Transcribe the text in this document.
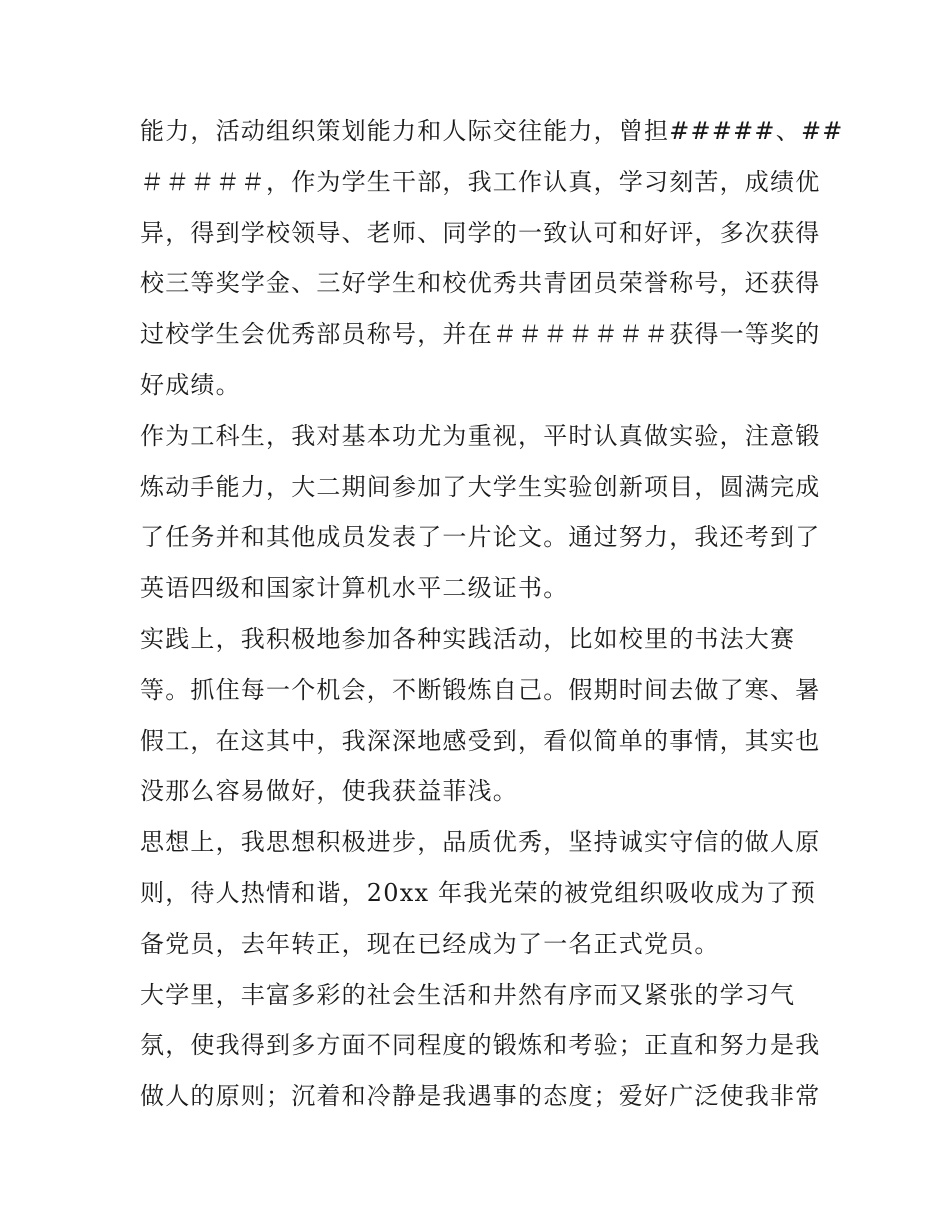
能力，活动组织策划能力和人际交往能力，曾担#####、##
＃＃＃＃＃，作为学生干部，我工作认真，学习刻苦，成绩优
异，得到学校领导、老师、同学的一致认可和好评，多次获得
校三等奖学金、三好学生和校优秀共青团员荣誉称号，还获得
过校学生会优秀部员称号，并在＃＃＃＃＃＃＃获得一等奖的
好成绩。
作为工科生，我对基本功尤为重视，平时认真做实验，注意锻
炼动手能力，大二期间参加了大学生实验创新项目，圆满完成
了任务并和其他成员发表了一片论文。通过努力，我还考到了
英语四级和国家计算机水平二级证书。
实践上，我积极地参加各种实践活动，比如校里的书法大赛
等。抓住每一个机会，不断锻炼自己。假期时间去做了寒、暑
假工，在这其中，我深深地感受到，看似简单的事情，其实也
没那么容易做好，使我获益菲浅。
思想上，我思想积极进步，品质优秀，坚持诚实守信的做人原
则，待人热情和谐，20xx 年我光荣的被党组织吸收成为了预
备党员，去年转正，现在已经成为了一名正式党员。
大学里，丰富多彩的社会生活和井然有序而又紧张的学习气
氛，使我得到多方面不同程度的锻炼和考验；正直和努力是我
做人的原则；沉着和冷静是我遇事的态度；爱好广泛使我非常
